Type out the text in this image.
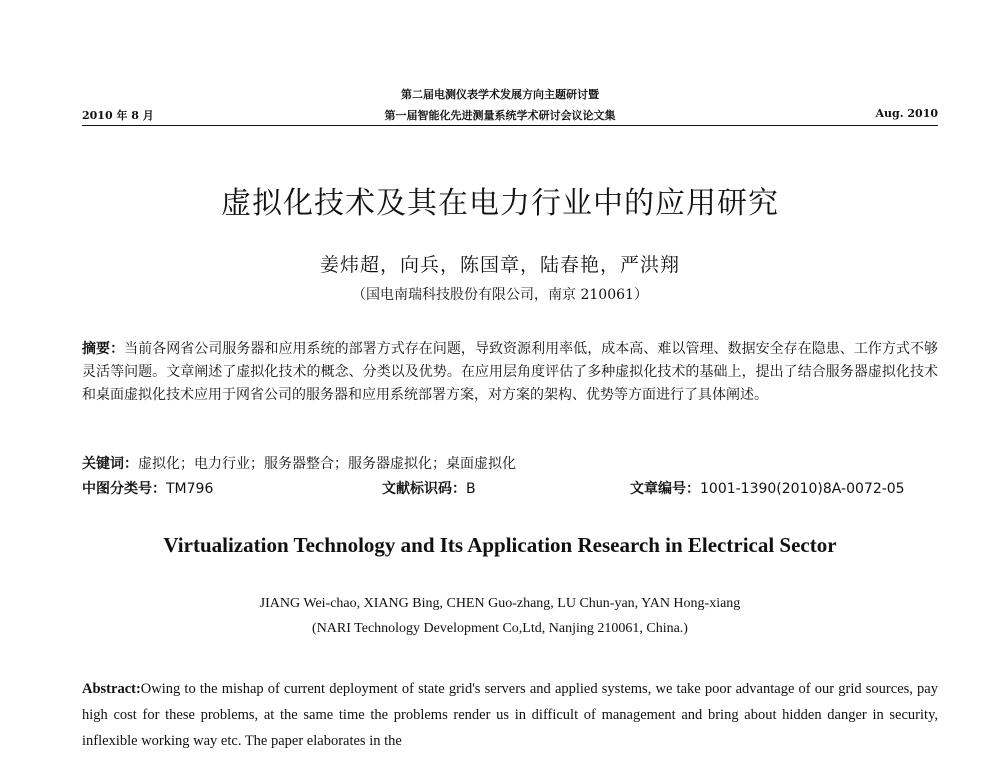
第二届电测仪表学术发展方向主题研讨暨
第一届智能化先进测量系统学术研讨会议论文集
2010 年 8 月	Aug. 2010
虚拟化技术及其在电力行业中的应用研究
姜炜超，向兵，陈国章，陆春艳，严洪翔
（国电南瑞科技股份有限公司，南京 210061）
摘要：当前各网省公司服务器和应用系统的部署方式存在问题，导致资源利用率低，成本高、难以管理、数据安全存在隐患、工作方式不够灵活等问题。文章阐述了虚拟化技术的概念、分类以及优势。在应用层角度评估了多种虚拟化技术的基础上，提出了结合服务器虚拟化技术和桌面虚拟化技术应用于网省公司的服务器和应用系统部署方案，对方案的架构、优势等方面进行了具体阐述。
关键词：虚拟化；电力行业；服务器整合；服务器虚拟化；桌面虚拟化
中图分类号：TM796	文献标识码：B	文章编号：1001-1390(2010)8A-0072-05
Virtualization Technology and Its Application Research in Electrical Sector
JIANG Wei-chao, XIANG Bing, CHEN Guo-zhang, LU Chun-yan, YAN Hong-xiang
(NARI Technology Development Co,Ltd, Nanjing 210061, China.)
Abstract:Owing to the mishap of current deployment of state grid's servers and applied systems, we take poor advantage of our grid sources, pay high cost for these problems, at the same time the problems render us in difficult of management and bring about hidden danger in security, inflexible working way etc. The paper elaborates in the
